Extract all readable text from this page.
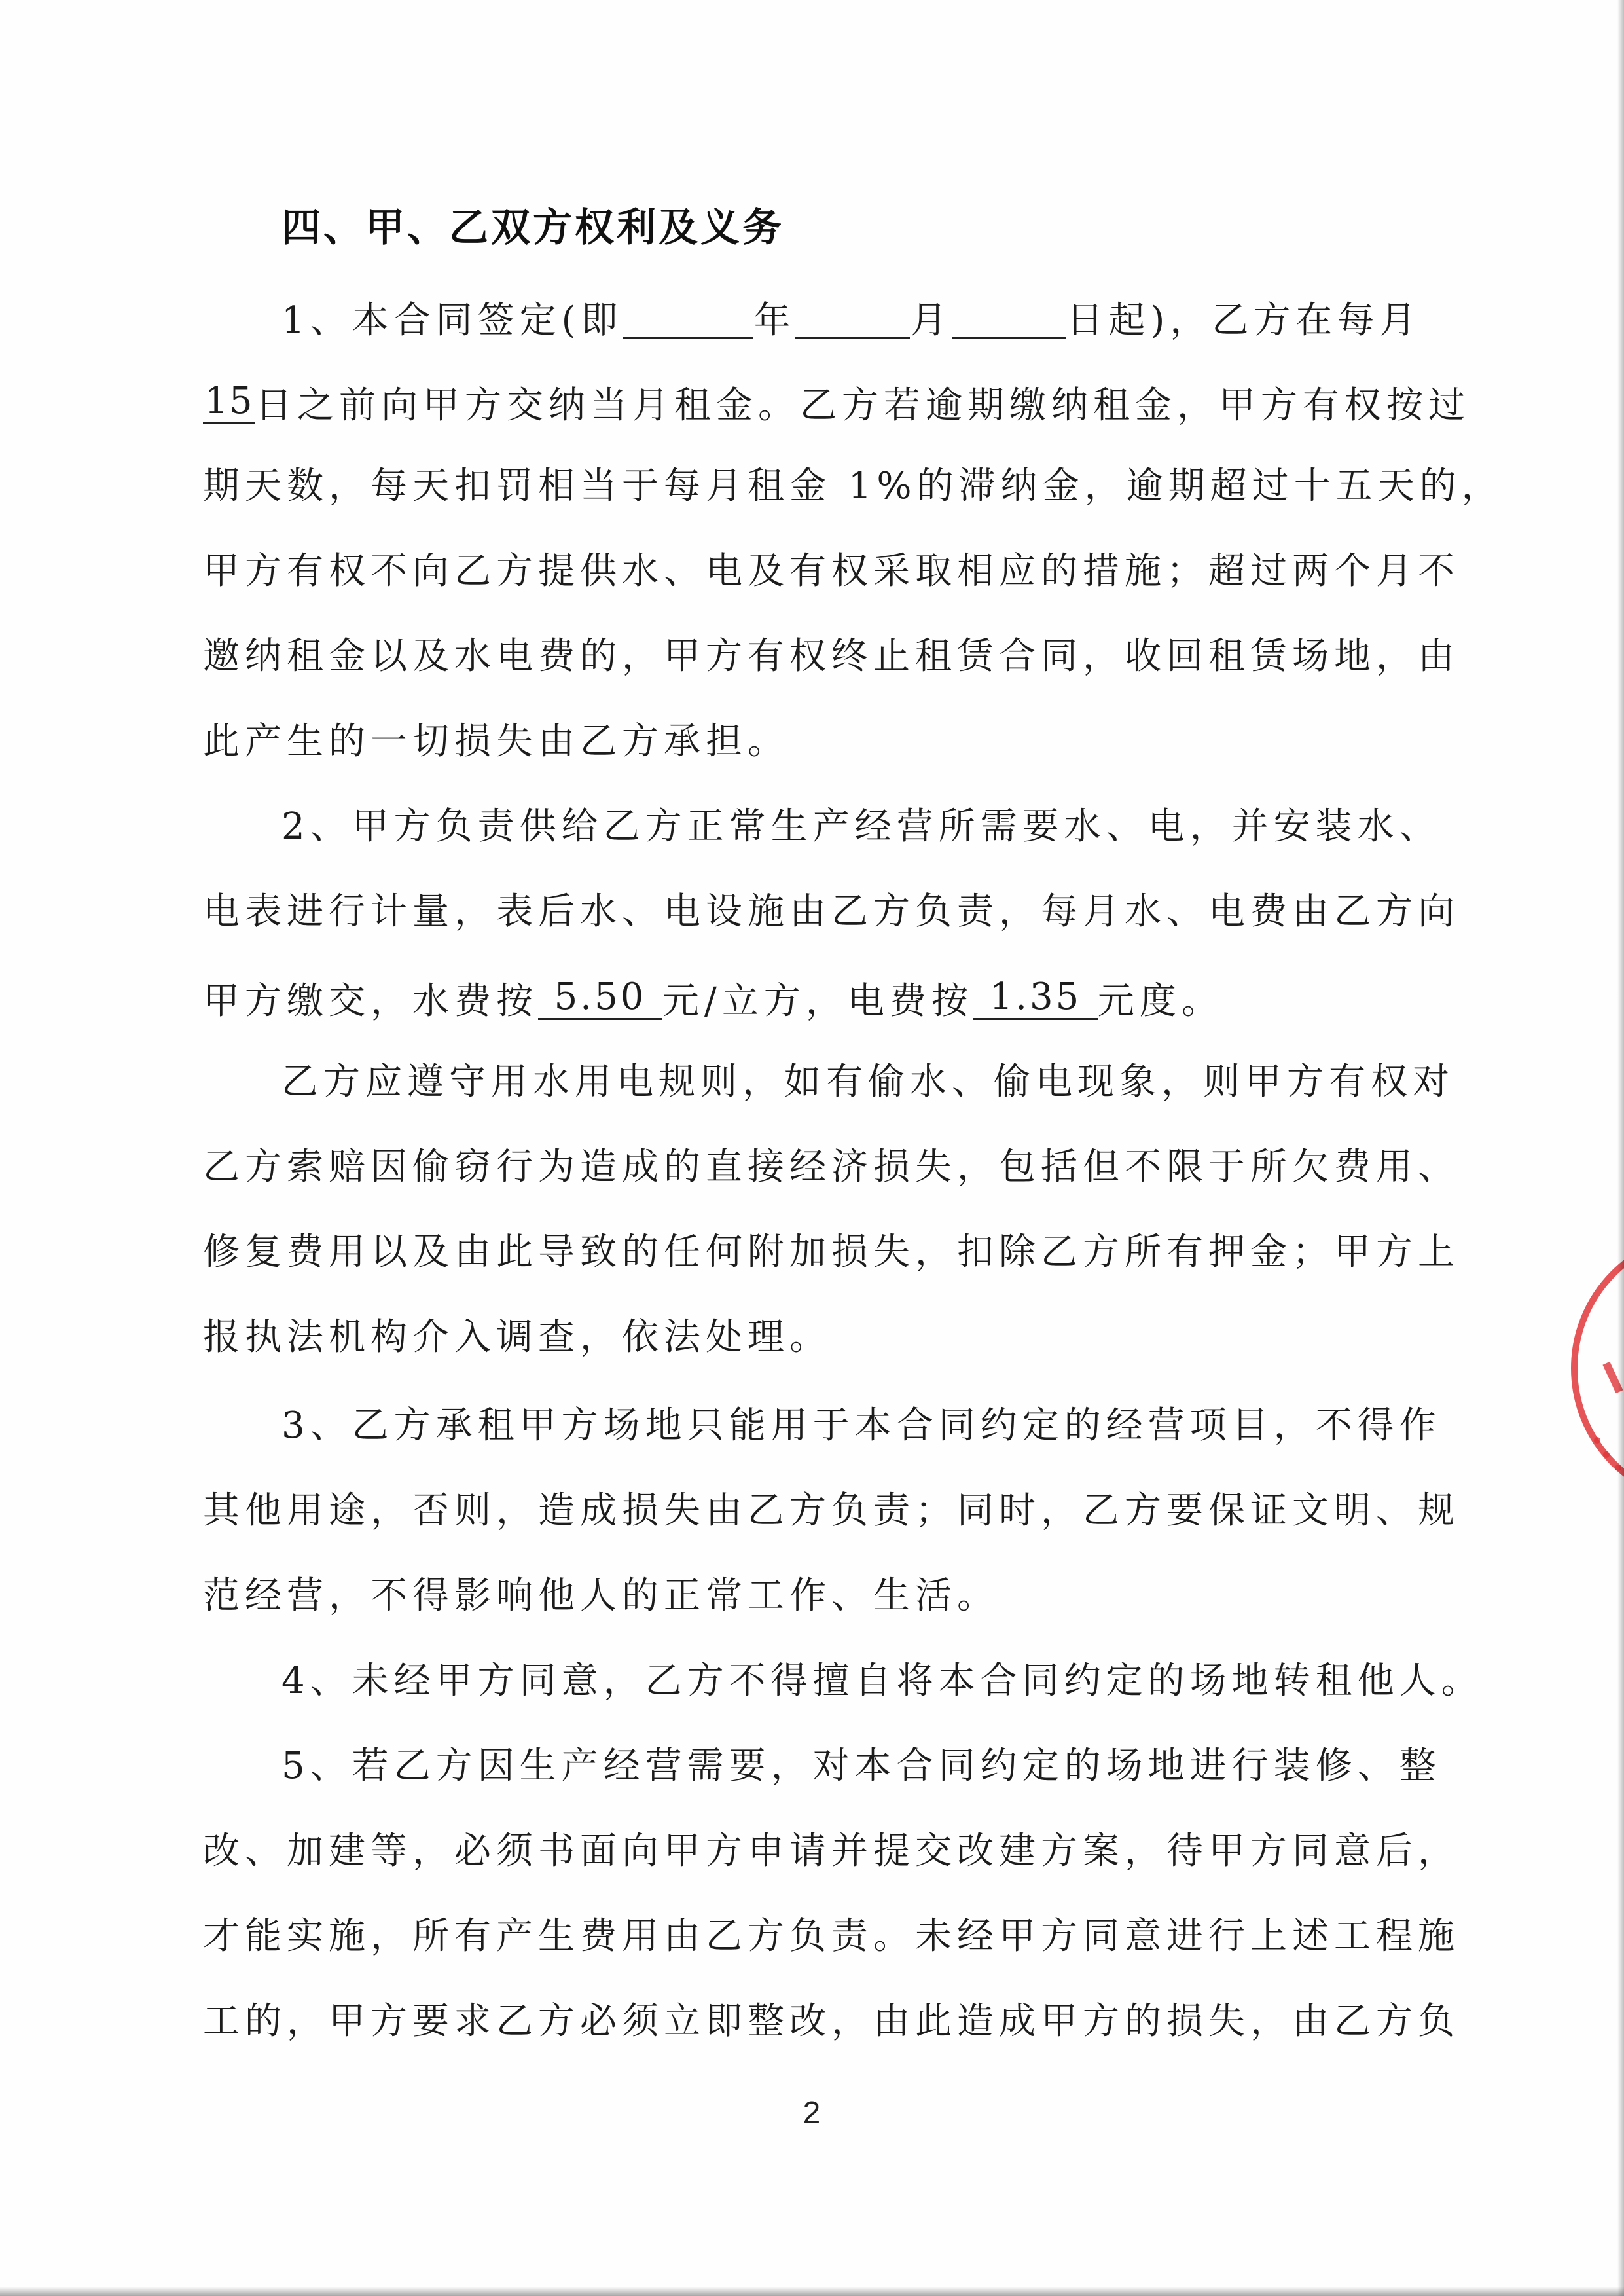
四、甲、乙双方权利及义务
1、本合同签定(即	年	月	日起)，乙方在每月
15日之前向甲方交纳当月租金。乙方若逾期缴纳租金，甲方有权按过
期天数，每天扣罚相当于每月租金 1%的滞纳金，逾期超过十五天的，
甲方有权不向乙方提供水、电及有权采取相应的措施；超过两个月不
邀纳租金以及水电费的，甲方有权终止租赁合同，收回租赁场地，由
此产生的一切损失由乙方承担。
2、甲方负责供给乙方正常生产经营所需要水、电，并安装水、
电表进行计量，表后水、电设施由乙方负责，每月水、电费由乙方向
甲方缴交，水费按 5.50 元/立方，电费按 1.35 元度。
乙方应遵守用水用电规则，如有偷水、偷电现象，则甲方有权对
乙方索赔因偷窃行为造成的直接经济损失，包括但不限于所欠费用、
修复费用以及由此导致的任何附加损失，扣除乙方所有押金；甲方上
报执法机构介入调查，依法处理。
3、乙方承租甲方场地只能用于本合同约定的经营项目，不得作
其他用途，否则，造成损失由乙方负责；同时，乙方要保证文明、规
范经营，不得影响他人的正常工作、生活。
4、未经甲方同意，乙方不得擅自将本合同约定的场地转租他人。
5、若乙方因生产经营需要，对本合同约定的场地进行装修、整
改、加建等，必须书面向甲方申请并提交改建方案，待甲方同意后，
才能实施，所有产生费用由乙方负责。未经甲方同意进行上述工程施
工的，甲方要求乙方必须立即整改，由此造成甲方的损失，由乙方负
2
